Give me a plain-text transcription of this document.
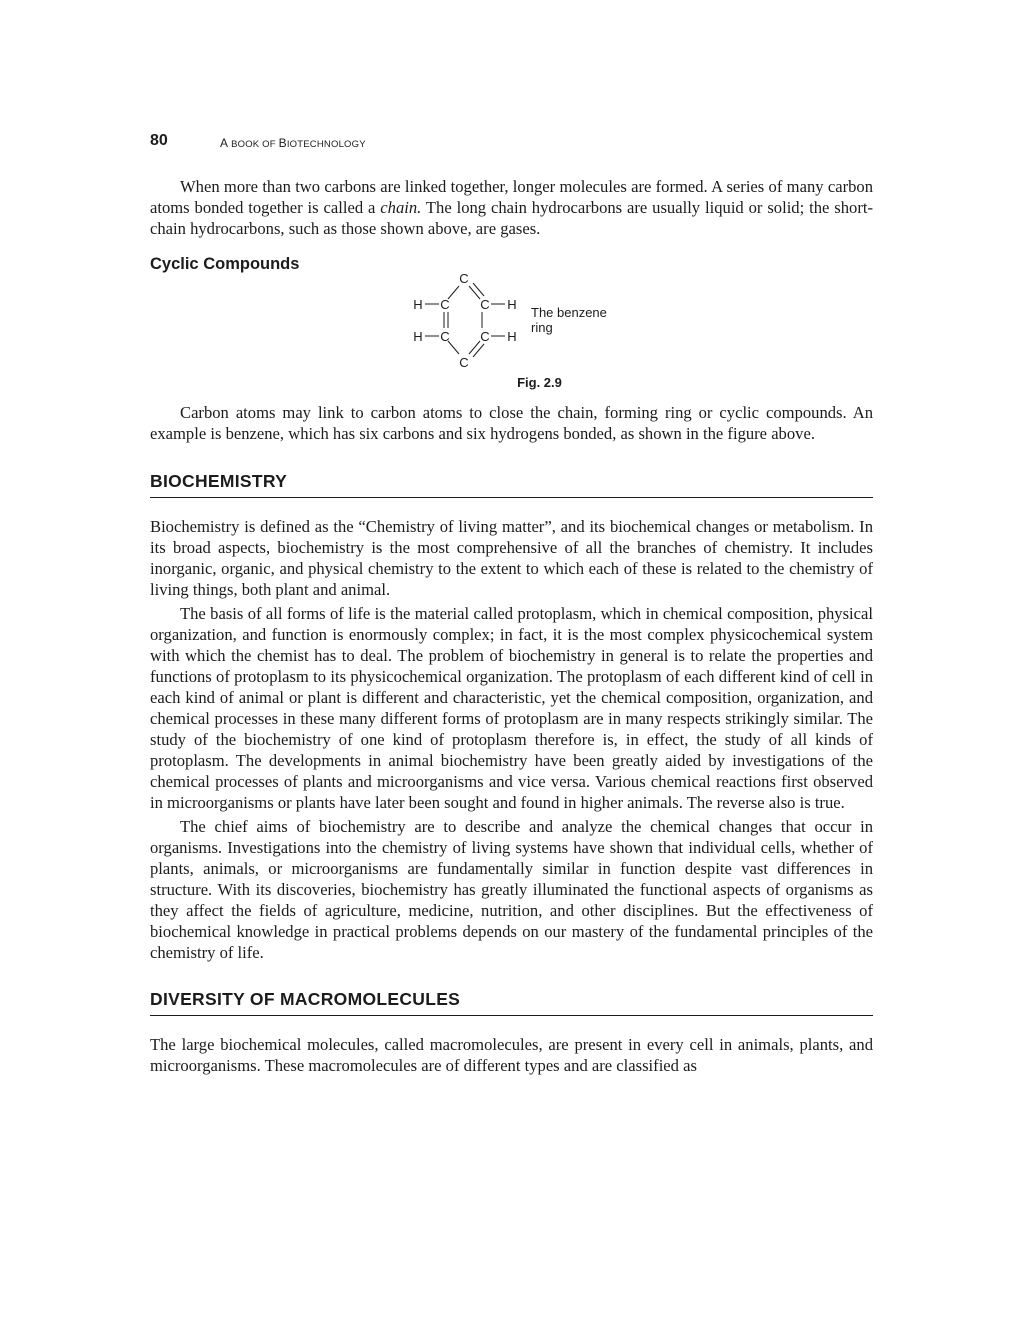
80	A BOOK OF BIOTECHNOLOGY

When more than two carbons are linked together, longer molecules are formed. A series of many carbon atoms bonded together is called a chain. The long chain hydrocarbons are usually liquid or solid; the short-chain hydrocarbons, such as those shown above, are gases.

Cyclic Compounds
C
C C
C C
C
H	H
H	H
The benzene
ring
Fig. 2.9

Carbon atoms may link to carbon atoms to close the chain, forming ring or cyclic compounds. An example is benzene, which has six carbons and six hydrogens bonded, as shown in the figure above.

BIOCHEMISTRY

Biochemistry is defined as the “Chemistry of living matter”, and its biochemical changes or metabolism. In its broad aspects, biochemistry is the most comprehensive of all the branches of chemistry. It includes inorganic, organic, and physical chemistry to the extent to which each of these is related to the chemistry of living things, both plant and animal.

The basis of all forms of life is the material called protoplasm, which in chemical composition, physical organization, and function is enormously complex; in fact, it is the most complex physicochemical system with which the chemist has to deal. The problem of biochemistry in general is to relate the properties and functions of protoplasm to its physicochemical organization. The protoplasm of each different kind of cell in each kind of animal or plant is different and characteristic, yet the chemical composition, organization, and chemical processes in these many different forms of protoplasm are in many respects strikingly similar. The study of the biochemistry of one kind of protoplasm therefore is, in effect, the study of all kinds of protoplasm. The developments in animal biochemistry have been greatly aided by investigations of the chemical processes of plants and microorganisms and vice versa. Various chemical reactions first observed in microorganisms or plants have later been sought and found in higher animals. The reverse also is true.

The chief aims of biochemistry are to describe and analyze the chemical changes that occur in organisms. Investigations into the chemistry of living systems have shown that individual cells, whether of plants, animals, or microorganisms are fundamentally similar in function despite vast differences in structure. With its discoveries, biochemistry has greatly illuminated the functional aspects of organisms as they affect the fields of agriculture, medicine, nutrition, and other disciplines. But the effectiveness of biochemical knowledge in practical problems depends on our mastery of the fundamental principles of the chemistry of life.

DIVERSITY OF MACROMOLECULES

The large biochemical molecules, called macromolecules, are present in every cell in animals, plants, and microorganisms. These macromolecules are of different types and are classified as
